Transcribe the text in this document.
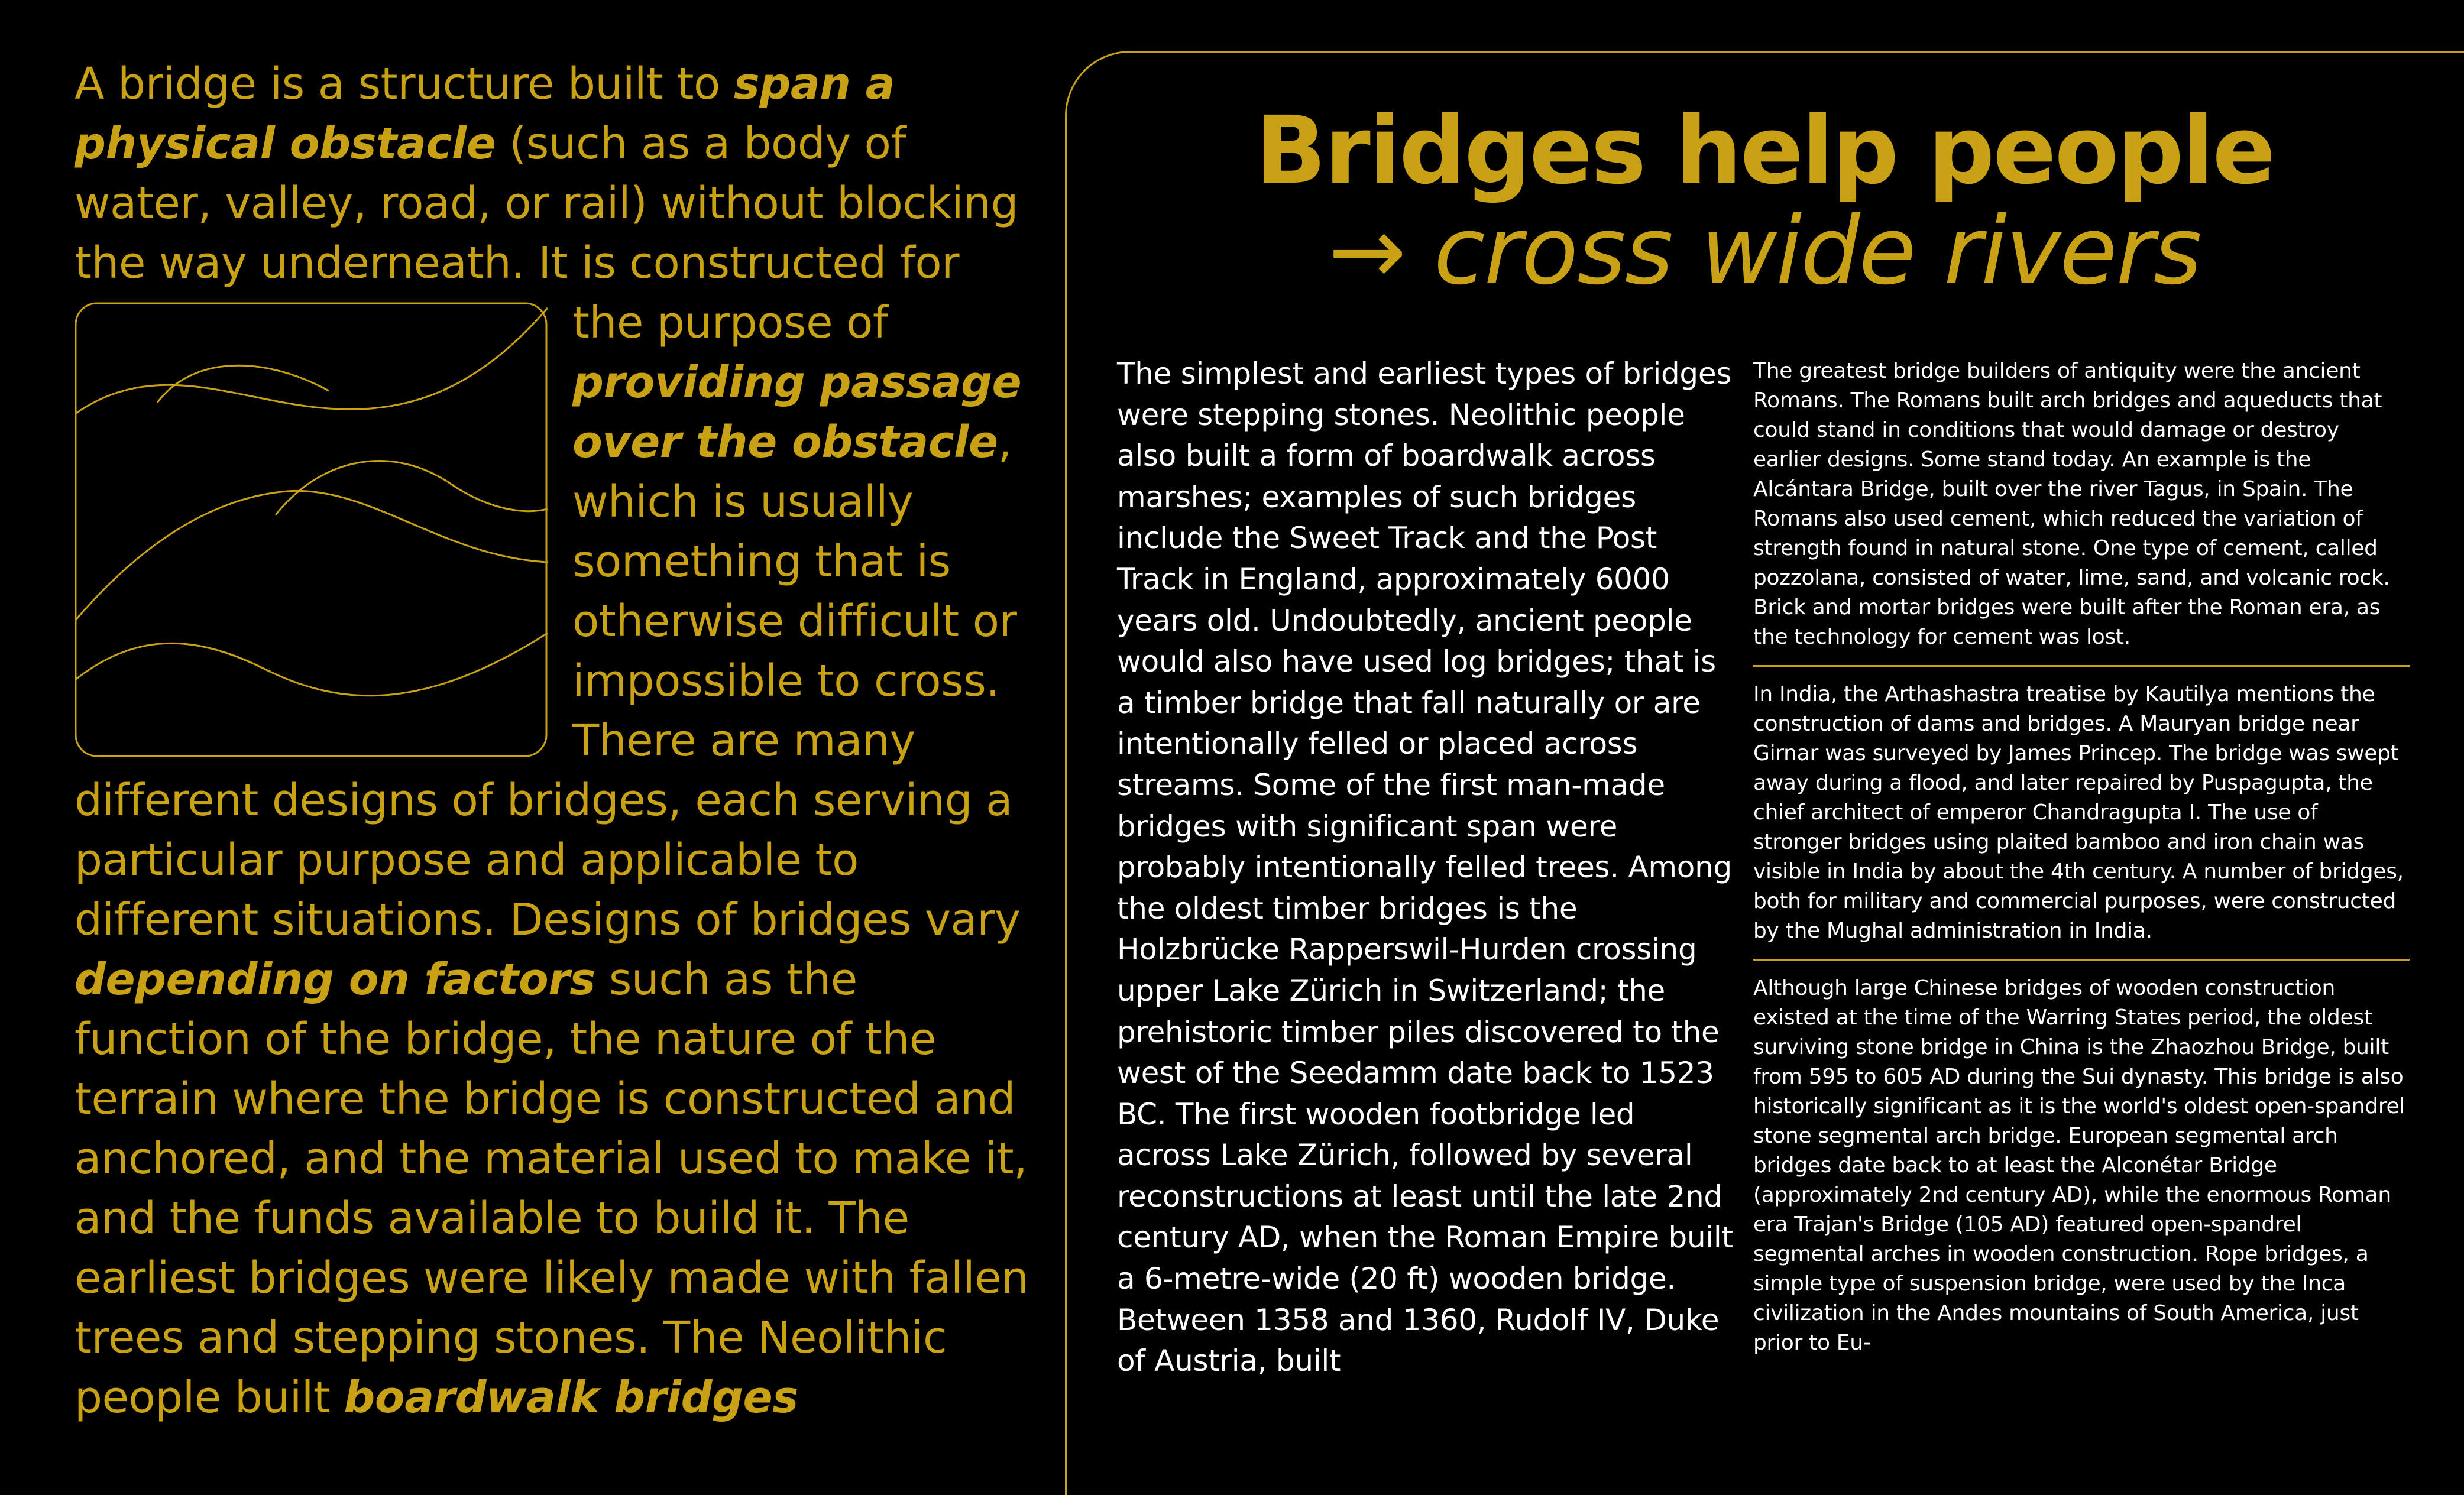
A bridge is a structure built to span a physical obstacle (such as a body of water, valley, road, or rail) without blocking the way underneath. It is constructed for the purpose of
providing passage over the obstacle, which is usually something that is otherwise difficult or impossible to cross. There are many different designs of bridges, each serving a particular purpose and applicable to different situations. Designs of bridges vary depending on factors such as the function of the bridge, the nature of the terrain where the bridge is constructed and anchored, and the material used to make it, and the funds available to build it. The earliest bridges were likely made with fallen trees and stepping stones. The Neolithic people built boardwalk bridges

Bridges help people
→ cross wide rivers

The simplest and earliest types of bridges were stepping stones. Neolithic people also built a form of boardwalk across marshes; examples of such bridges include the Sweet Track and the Post Track in England, approximately 6000 years old. Undoubtedly, ancient people would also have used log bridges; that is a timber bridge that fall naturally or are intentionally felled or placed across streams. Some of the first man-made bridges with significant span were probably intentionally felled trees. Among the oldest timber bridges is the Holzbrücke Rapperswil-Hurden crossing upper Lake Zürich in Switzerland; the prehistoric timber piles discovered to the west of the Seedamm date back to 1523 BC. The first wooden footbridge led across Lake Zürich, followed by several reconstructions at least until the late 2nd century AD, when the Roman Empire built a 6-metre-wide (20 ft) wooden bridge. Between 1358 and 1360, Rudolf IV, Duke of Austria, built

The greatest bridge builders of antiquity were the ancient Romans. The Romans built arch bridges and aqueducts that could stand in conditions that would damage or destroy earlier designs. Some stand today. An example is the Alcántara Bridge, built over the river Tagus, in Spain. The Romans also used cement, which reduced the variation of strength found in natural stone. One type of cement, called pozzolana, consisted of water, lime, sand, and volcanic rock. Brick and mortar bridges were built after the Roman era, as the technology for cement was lost.

In India, the Arthashastra treatise by Kautilya mentions the construction of dams and bridges. A Mauryan bridge near Girnar was surveyed by James Princep. The bridge was swept away during a flood, and later repaired by Puspagupta, the chief architect of emperor Chandragupta I. The use of stronger bridges using plaited bamboo and iron chain was visible in India by about the 4th century. A number of bridges, both for military and commercial purposes, were constructed by the Mughal administration in India.

Although large Chinese bridges of wooden construction existed at the time of the Warring States period, the oldest surviving stone bridge in China is the Zhaozhou Bridge, built from 595 to 605 AD during the Sui dynasty. This bridge is also historically significant as it is the world's oldest open-spandrel stone segmental arch bridge. European segmental arch bridges date back to at least the Alconétar Bridge (approximately 2nd century AD), while the enormous Roman era Trajan's Bridge (105 AD) featured open-spandrel segmental arches in wooden construction. Rope bridges, a simple type of suspension bridge, were used by the Inca civilization in the Andes mountains of South America, just prior to Eu-
